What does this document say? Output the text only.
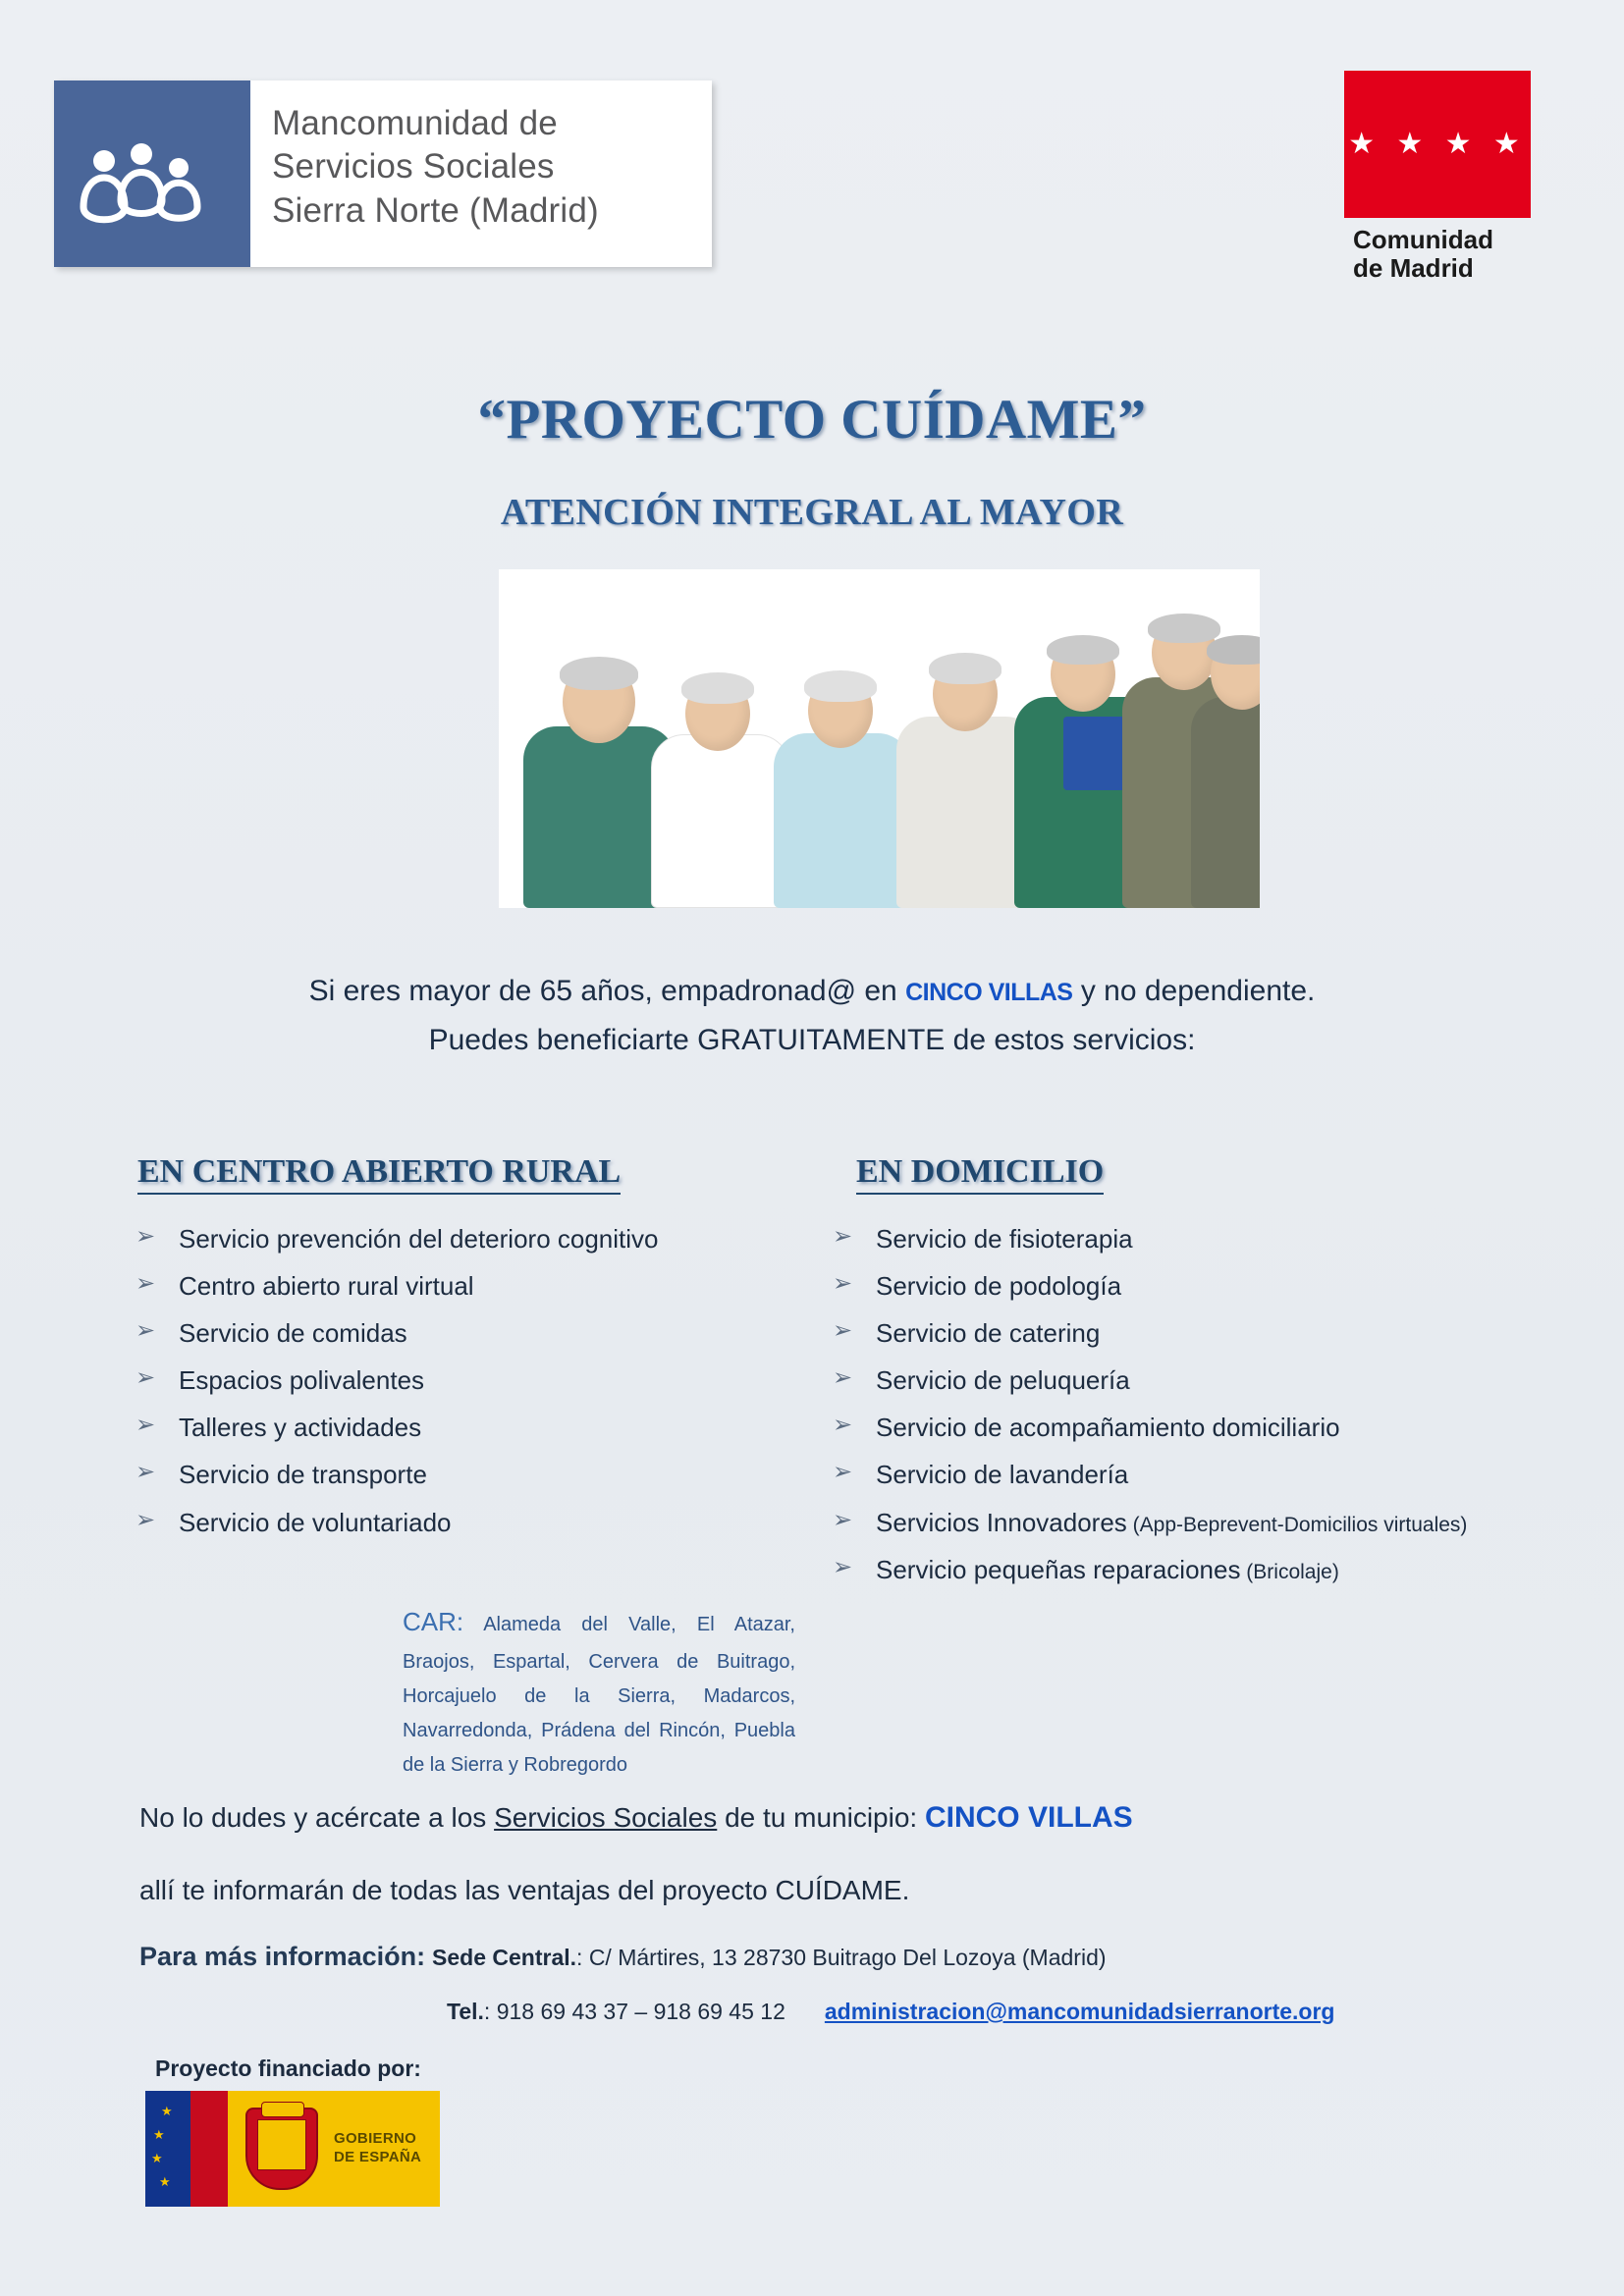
Mancomunidad de
Servicios Sociales
Sierra Norte (Madrid)
★ ★ ★ ★
Comunidad
de Madrid
“PROYECTO CUÍDAME”
ATENCIÓN INTEGRAL AL MAYOR
Si eres mayor de 65 años, empadronad@ en CINCO VILLAS y no dependiente.
Puedes beneficiarte GRATUITAMENTE de estos servicios:
EN CENTRO ABIERTO RURAL
➢ Servicio prevención del deterioro cognitivo
➢ Centro abierto rural virtual
➢ Servicio de comidas
➢ Espacios polivalentes
➢ Talleres y actividades
➢ Servicio de transporte
➢ Servicio de voluntariado
EN DOMICILIO
➢ Servicio de fisioterapia
➢ Servicio de podología
➢ Servicio de catering
➢ Servicio de peluquería
➢ Servicio de acompañamiento domiciliario
➢ Servicio de lavandería
➢ Servicios Innovadores (App-Beprevent-Domicilios virtuales)
➢ Servicio pequeñas reparaciones (Bricolaje)
CAR: Alameda del Valle, El Atazar, Braojos, Espartal, Cervera de Buitrago, Horcajuelo de la Sierra, Madarcos, Navarredonda, Prádena del Rincón, Puebla de la Sierra y Robregordo
No lo dudes y acércate a los Servicios Sociales de tu municipio: CINCO VILLAS
allí te informarán de todas las ventajas del proyecto CUÍDAME.
Para más información: Sede Central.: C/ Mártires, 13 28730 Buitrago Del Lozoya (Madrid)
Tel.: 918 69 43 37 – 918 69 45 12 administracion@mancomunidadsierranorte.org
Proyecto financiado por:
★
★
★
★
GOBIERNO
DE ESPAÑA
